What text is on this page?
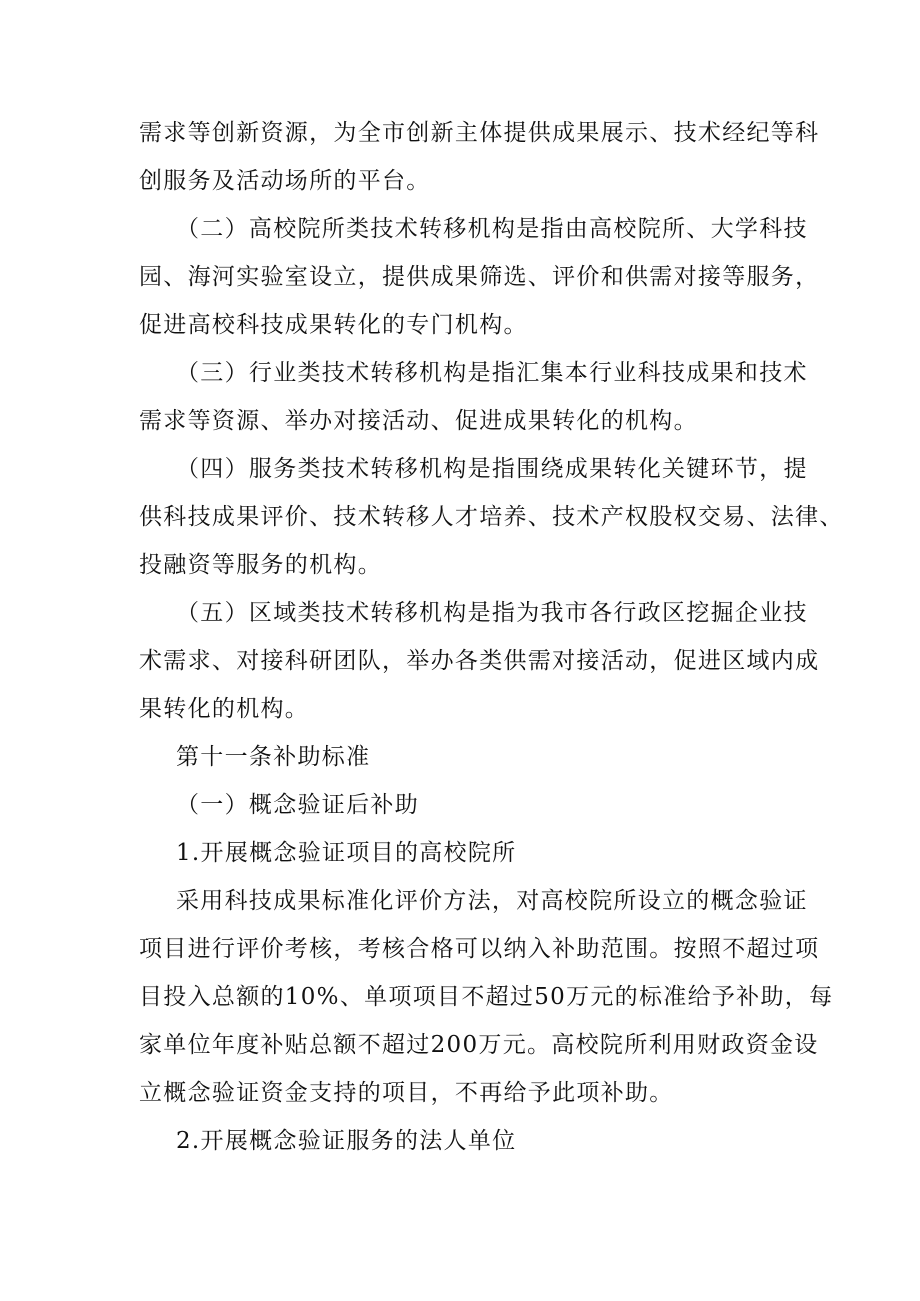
需求等创新资源，为全市创新主体提供成果展示、技术经纪等科
创服务及活动场所的平台。
（二）高校院所类技术转移机构是指由高校院所、大学科技
园、海河实验室设立，提供成果筛选、评价和供需对接等服务，
促进高校科技成果转化的专门机构。
（三）行业类技术转移机构是指汇集本行业科技成果和技术
需求等资源、举办对接活动、促进成果转化的机构。
（四）服务类技术转移机构是指围绕成果转化关键环节，提
供科技成果评价、技术转移人才培养、技术产权股权交易、法律、
投融资等服务的机构。
（五）区域类技术转移机构是指为我市各行政区挖掘企业技
术需求、对接科研团队，举办各类供需对接活动，促进区域内成
果转化的机构。
第十一条补助标准
（一）概念验证后补助
1.开展概念验证项目的高校院所
采用科技成果标准化评价方法，对高校院所设立的概念验证
项目进行评价考核，考核合格可以纳入补助范围。按照不超过项
目投入总额的10%、单项项目不超过50万元的标准给予补助，每
家单位年度补贴总额不超过200万元。高校院所利用财政资金设
立概念验证资金支持的项目，不再给予此项补助。
2.开展概念验证服务的法人单位
